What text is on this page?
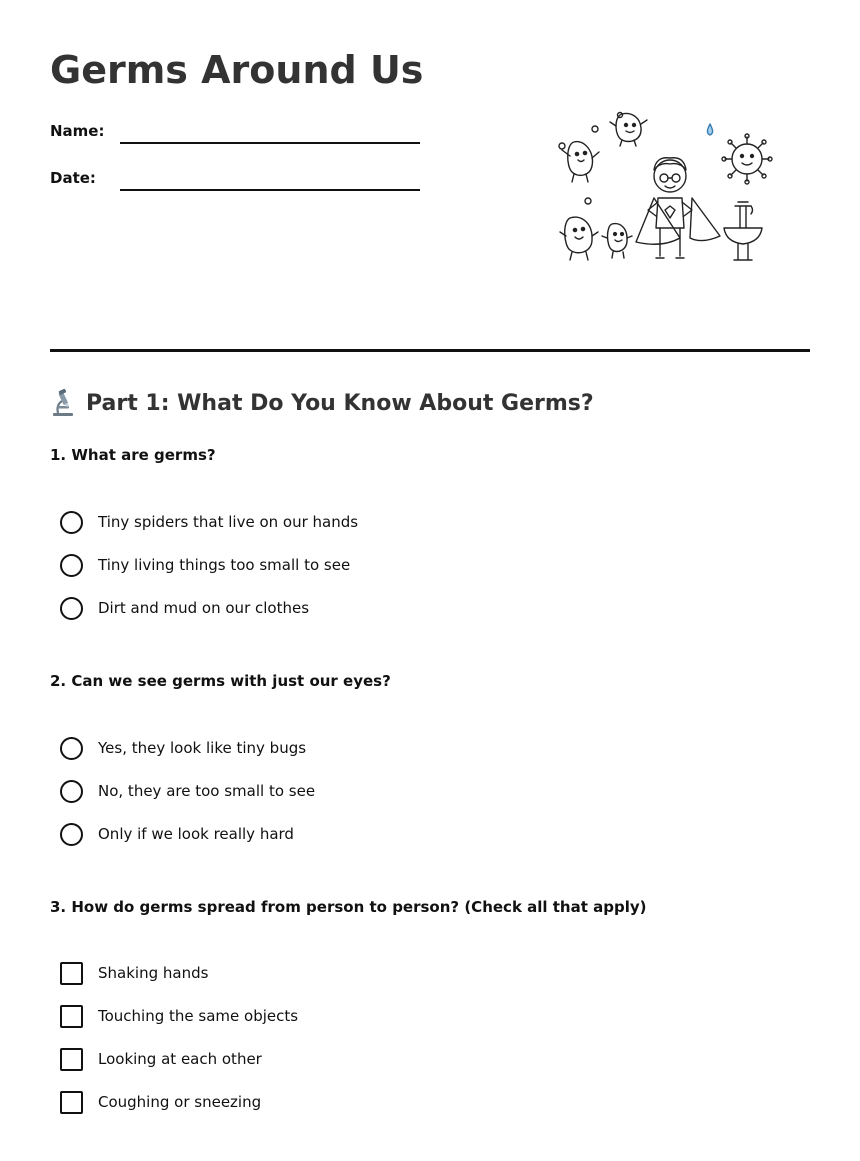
Germs Around Us
Name:
Date:
Part 1: What Do You Know About Germs?

1. What are germs?

Tiny spiders that live on our hands
Tiny living things too small to see
Dirt and mud on our clothes

2. Can we see germs with just our eyes?

Yes, they look like tiny bugs
No, they are too small to see
Only if we look really hard

3. How do germs spread from person to person? (Check all that apply)

Shaking hands
Touching the same objects
Looking at each other
Coughing or sneezing
